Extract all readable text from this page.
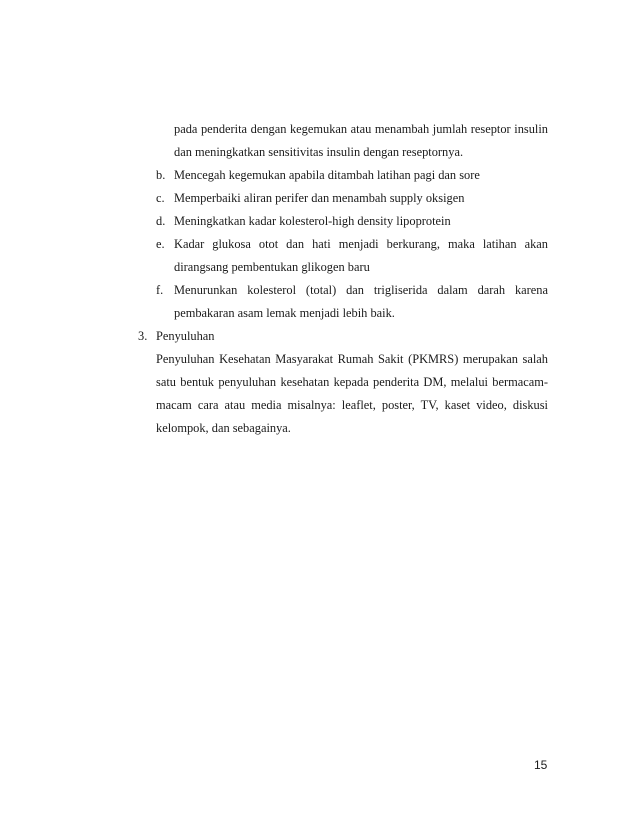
pada penderita dengan kegemukan atau menambah jumlah reseptor insulin
dan meningkatkan sensitivitas insulin dengan reseptornya.
b. Mencegah kegemukan apabila ditambah latihan pagi dan sore
c. Memperbaiki aliran perifer dan menambah supply oksigen
d. Meningkatkan kadar kolesterol-high density lipoprotein
e. Kadar glukosa otot dan hati menjadi berkurang, maka latihan akan
dirangsang pembentukan glikogen baru
f. Menurunkan kolesterol (total) dan trigliserida dalam darah karena
pembakaran asam lemak menjadi lebih baik.
3. Penyuluhan
Penyuluhan Kesehatan Masyarakat Rumah Sakit (PKMRS) merupakan salah
satu bentuk penyuluhan kesehatan kepada penderita DM, melalui bermacam-
macam cara atau media misalnya: leaflet, poster, TV, kaset video, diskusi
kelompok, dan sebagainya.
15
